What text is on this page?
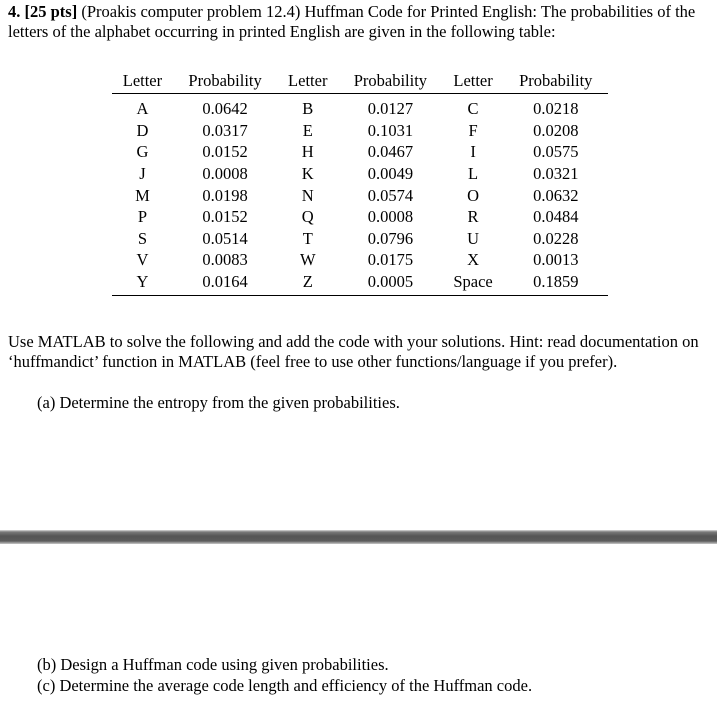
4. [25 pts] (Proakis computer problem 12.4) Huffman Code for Printed English: The probabilities of the letters of the alphabet occurring in printed English are given in the following table:
Letter	Probability	Letter	Probability	Letter	Probability
A	0.0642	B	0.0127	C	0.0218
D	0.0317	E	0.1031	F	0.0208
G	0.0152	H	0.0467	I	0.0575
J	0.0008	K	0.0049	L	0.0321
M	0.0198	N	0.0574	O	0.0632
P	0.0152	Q	0.0008	R	0.0484
S	0.0514	T	0.0796	U	0.0228
V	0.0083	W	0.0175	X	0.0013
Y	0.0164	Z	0.0005	Space	0.1859
Use MATLAB to solve the following and add the code with your solutions. Hint: read documentation on ‘huffmandict’ function in MATLAB (feel free to use other functions/language if you prefer).
(a) Determine the entropy from the given probabilities.
(b) Design a Huffman code using given probabilities.
(c) Determine the average code length and efficiency of the Huffman code.
